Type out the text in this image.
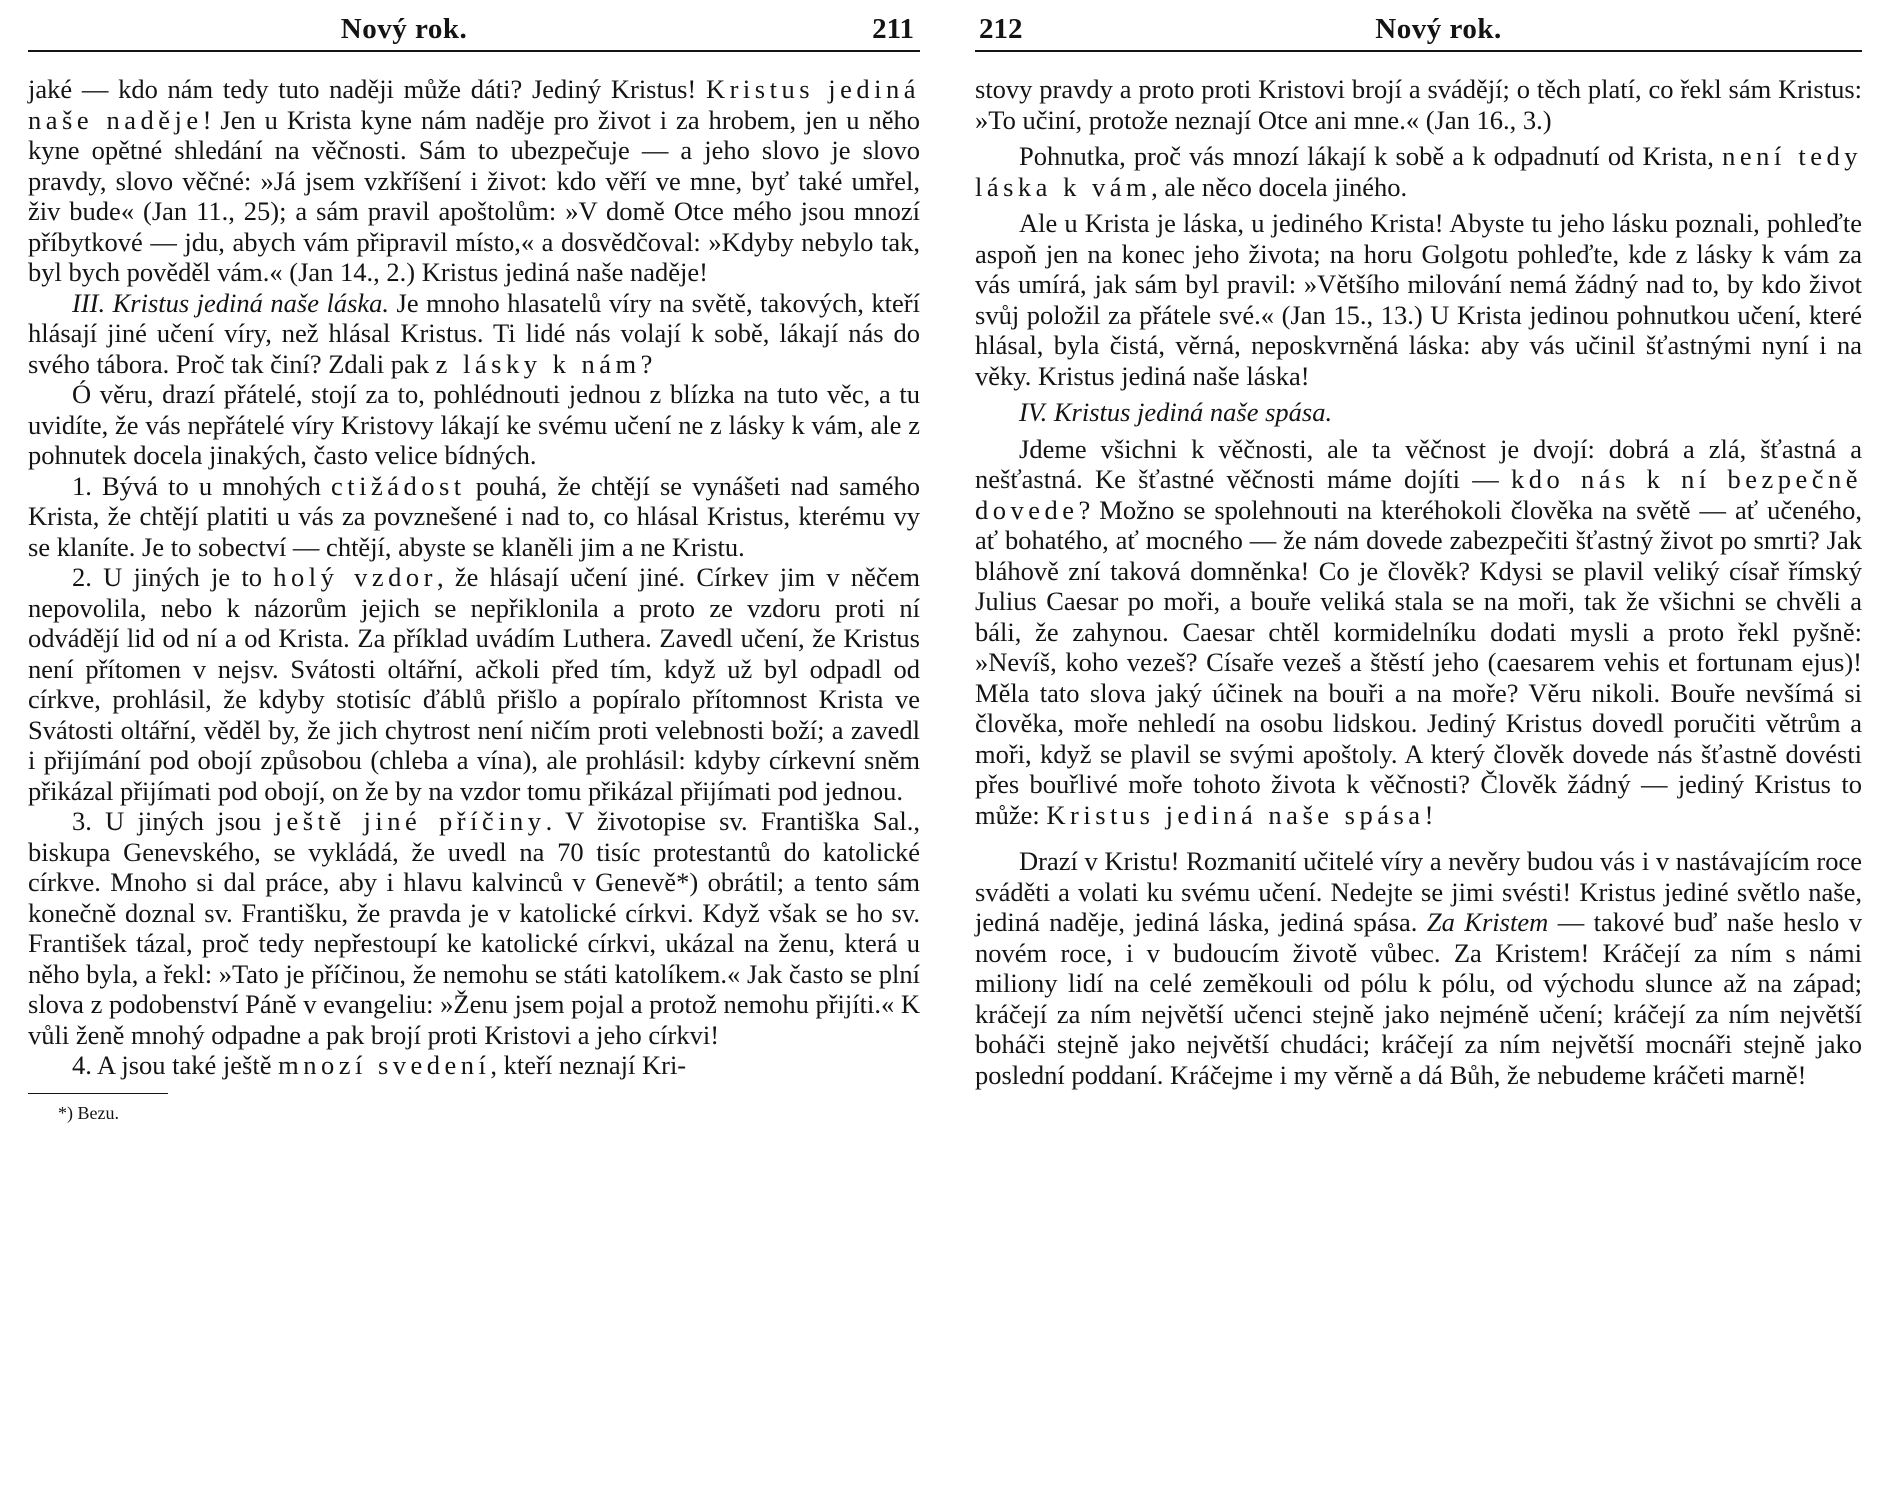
Nový rok.	211

jaké — kdo nám tedy tuto naději může dáti? Jediný Kristus! Kristus jediná naše naděje! Jen u Krista kyne nám naděje pro život i za hrobem, jen u něho kyne opětné shledání na věčnosti. Sám to ubezpečuje — a jeho slovo je slovo pravdy, slovo věčné: »Já jsem vzkříšení i život: kdo věří ve mne, byť také umřel, živ bude« (Jan 11., 25); a sám pravil apoštolům: »V domě Otce mého jsou mnozí příbytkové — jdu, abych vám připravil místo,« a dosvědčoval: »Kdyby nebylo tak, byl bych pověděl vám.« (Jan 14., 2.) Kristus jediná naše naděje!

III. Kristus jediná naše láska. Je mnoho hlasatelů víry na světě, takových, kteří hlásají jiné učení víry, než hlásal Kristus. Ti lidé nás volají k sobě, lákají nás do svého tábora. Proč tak činí? Zdali pak z lásky k nám?

Ó věru, drazí přátelé, stojí za to, pohlédnouti jednou z blízka na tuto věc, a tu uvidíte, že vás nepřátelé víry Kristovy lákají ke svému učení ne z lásky k vám, ale z pohnutek docela jinakých, často velice bídných.

1. Bývá to u mnohých ctižádost pouhá, že chtějí se vynášeti nad samého Krista, že chtějí platiti u vás za povznešené i nad to, co hlásal Kristus, kterému vy se klaníte. Je to sobectví — chtějí, abyste se klaněli jim a ne Kristu.

2. U jiných je to holý vzdor, že hlásají učení jiné. Církev jim v něčem nepovolila, nebo k názorům jejich se nepřiklonila a proto ze vzdoru proti ní odvádějí lid od ní a od Krista. Za příklad uvádím Luthera. Zavedl učení, že Kristus není přítomen v nejsv. Svátosti oltářní, ačkoli před tím, když už byl odpadl od církve, prohlásil, že kdyby stotisíc ďáblů přišlo a popíralo přítomnost Krista ve Svátosti oltářní, věděl by, že jich chytrost není ničím proti velebnosti boží; a zavedl i přijímání pod obojí způsobou (chleba a vína), ale prohlásil: kdyby církevní sněm přikázal přijímati pod obojí, on že by na vzdor tomu přikázal přijímati pod jednou.

3. U jiných jsou ještě jiné příčiny. V životopise sv. Františka Sal., biskupa Genevského, se vykládá, že uvedl na 70 tisíc protestantů do katolické církve. Mnoho si dal práce, aby i hlavu kalvinců v Genevě*) obrátil; a tento sám konečně doznal sv. Františku, že pravda je v katolické církvi. Když však se ho sv. František tázal, proč tedy nepřestoupí ke katolické církvi, ukázal na ženu, která u něho byla, a řekl: »Tato je příčinou, že nemohu se státi katolíkem.« Jak často se plní slova z podobenství Páně v evangeliu: »Ženu jsem pojal a protož nemohu přijíti.« K vůli ženě mnohý odpadne a pak brojí proti Kristovi a jeho církvi!

4. A jsou také ještě mnozí svedení, kteří neznají Kri-

*) Bezu.
212	Nový rok.

stovy pravdy a proto proti Kristovi brojí a svádějí; o těch platí, co řekl sám Kristus: »To učiní, protože neznají Otce ani mne.« (Jan 16., 3.)

Pohnutka, proč vás mnozí lákají k sobě a k odpadnutí od Krista, není tedy láska k vám, ale něco docela jiného.

Ale u Krista je láska, u jediného Krista! Abyste tu jeho lásku poznali, pohleďte aspoň jen na konec jeho života; na horu Golgotu pohleďte, kde z lásky k vám za vás umírá, jak sám byl pravil: »Většího milování nemá žádný nad to, by kdo život svůj položil za přátele své.« (Jan 15., 13.) U Krista jedinou pohnutkou učení, které hlásal, byla čistá, věrná, neposkvrněná láska: aby vás učinil šťastnými nyní i na věky. Kristus jediná naše láska!

IV. Kristus jediná naše spása.

Jdeme všichni k věčnosti, ale ta věčnost je dvojí: dobrá a zlá, šťastná a nešťastná. Ke šťastné věčnosti máme dojíti — kdo nás k ní bezpečně dovede? Možno se spolehnouti na kteréhokoli člověka na světě — ať učeného, ať bohatého, ať mocného — že nám dovede zabezpečiti šťastný život po smrti? Jak bláhově zní taková domněnka! Co je člověk? Kdysi se plavil veliký císař římský Julius Caesar po moři, a bouře veliká stala se na moři, tak že všichni se chvěli a báli, že zahynou. Caesar chtěl kormidelníku dodati mysli a proto řekl pyšně: »Nevíš, koho vezeš? Císaře vezeš a štěstí jeho (caesarem vehis et fortunam ejus)! Měla tato slova jaký účinek na bouři a na moře? Věru nikoli. Bouře nevšímá si člověka, moře nehledí na osobu lidskou. Jediný Kristus dovedl poručiti větrům a moři, když se plavil se svými apoštoly. A který člověk dovede nás šťastně dovésti přes bouřlivé moře tohoto života k věčnosti? Člověk žádný — jediný Kristus to může: Kristus jediná naše spása!

Drazí v Kristu! Rozmanití učitelé víry a nevěry budou vás i v nastávajícím roce sváděti a volati ku svému učení. Nedejte se jimi svésti! Kristus jediné světlo naše, jediná naděje, jediná láska, jediná spása. Za Kristem — takové buď naše heslo v novém roce, i v budoucím životě vůbec. Za Kristem! Kráčejí za ním s námi miliony lidí na celé zeměkouli od pólu k pólu, od východu slunce až na západ; kráčejí za ním největší učenci stejně jako nejméně učení; kráčejí za ním největší boháči stejně jako největší chudáci; kráčejí za ním největší mocnáři stejně jako poslední poddaní. Kráčejme i my věrně a dá Bůh, že nebudeme kráčeti marně!
